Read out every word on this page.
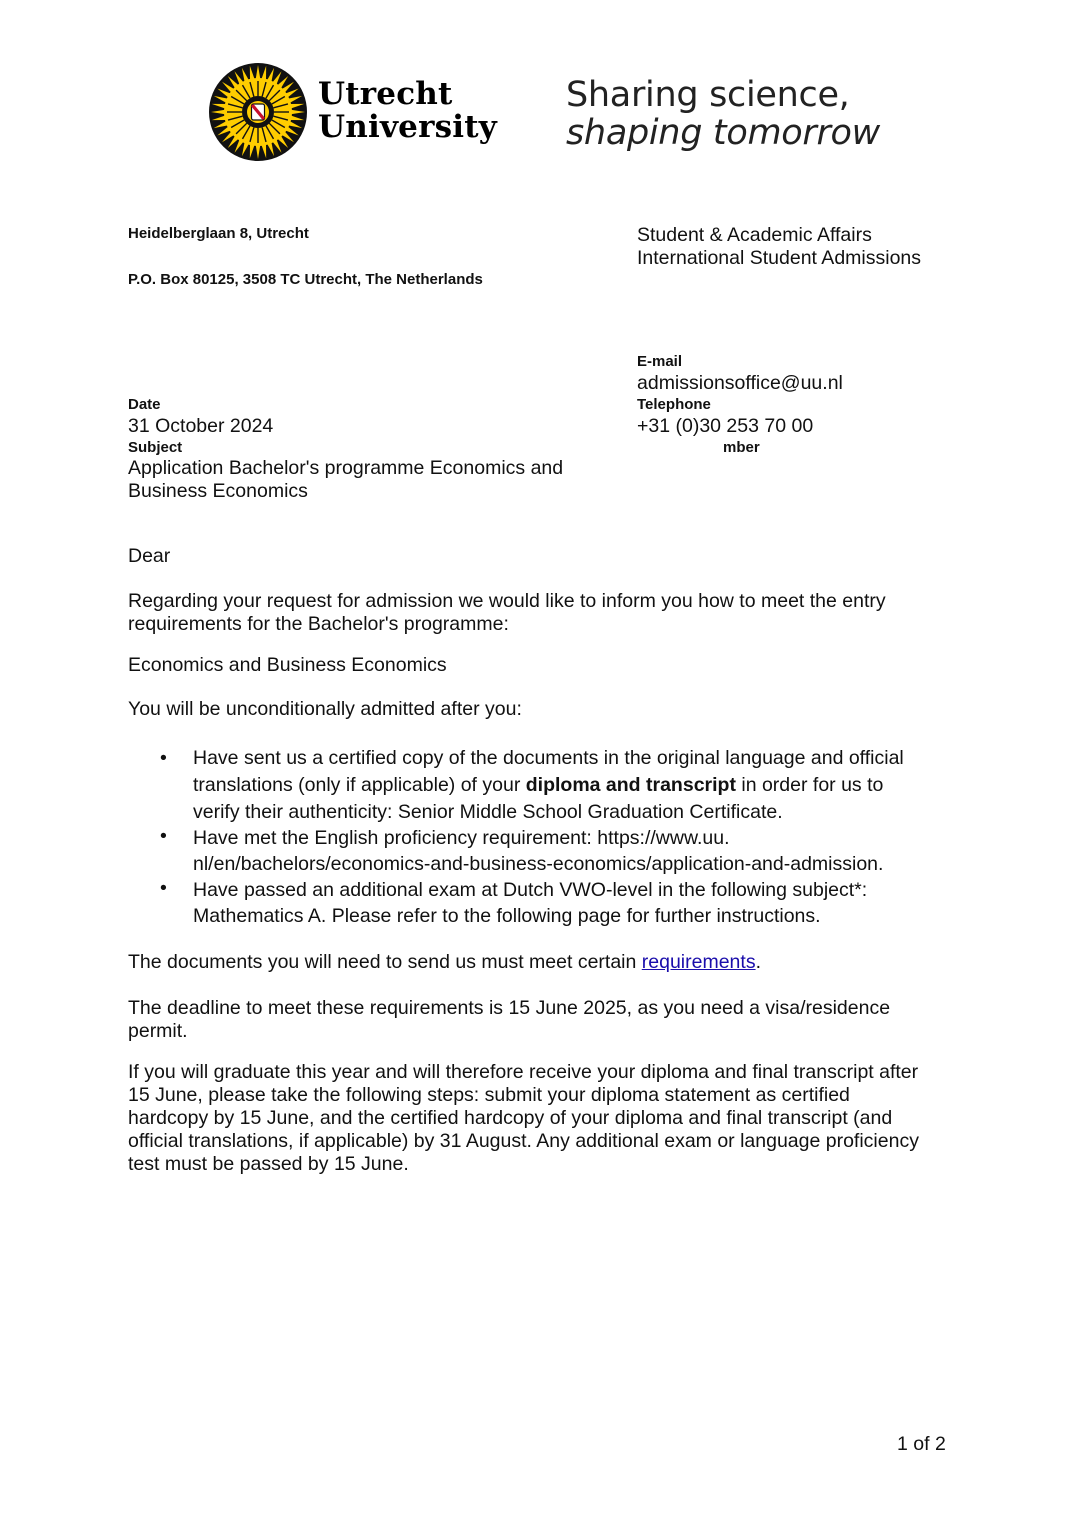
Utrecht
University
Sharing science,
shaping tomorrow
Heidelberglaan 8, Utrecht
P.O. Box 80125, 3508 TC Utrecht, The Netherlands
Student & Academic Affairs
International Student Admissions
E-mail
admissionsoffice@uu.nl
Telephone
+31 (0)30 253 70 00
mber
Date
31 October 2024
Subject
Application Bachelor's programme Economics and
Business Economics
Dear
Regarding your request for admission we would like to inform you how to meet the entry
requirements for the Bachelor's programme:
Economics and Business Economics
You will be unconditionally admitted after you:
• Have sent us a certified copy of the documents in the original language and official
translations (only if applicable) of your diploma and transcript in order for us to
verify their authenticity: Senior Middle School Graduation Certificate.
• Have met the English proficiency requirement: https://www.uu.
nl/en/bachelors/economics-and-business-economics/application-and-admission.
• Have passed an additional exam at Dutch VWO-level in the following subject*:
Mathematics A. Please refer to the following page for further instructions.
The documents you will need to send us must meet certain requirements.
The deadline to meet these requirements is 15 June 2025, as you need a visa/residence
permit.
If you will graduate this year and will therefore receive your diploma and final transcript after
15 June, please take the following steps: submit your diploma statement as certified
hardcopy by 15 June, and the certified hardcopy of your diploma and final transcript (and
official translations, if applicable) by 31 August. Any additional exam or language proficiency
test must be passed by 15 June.
1 of 2
